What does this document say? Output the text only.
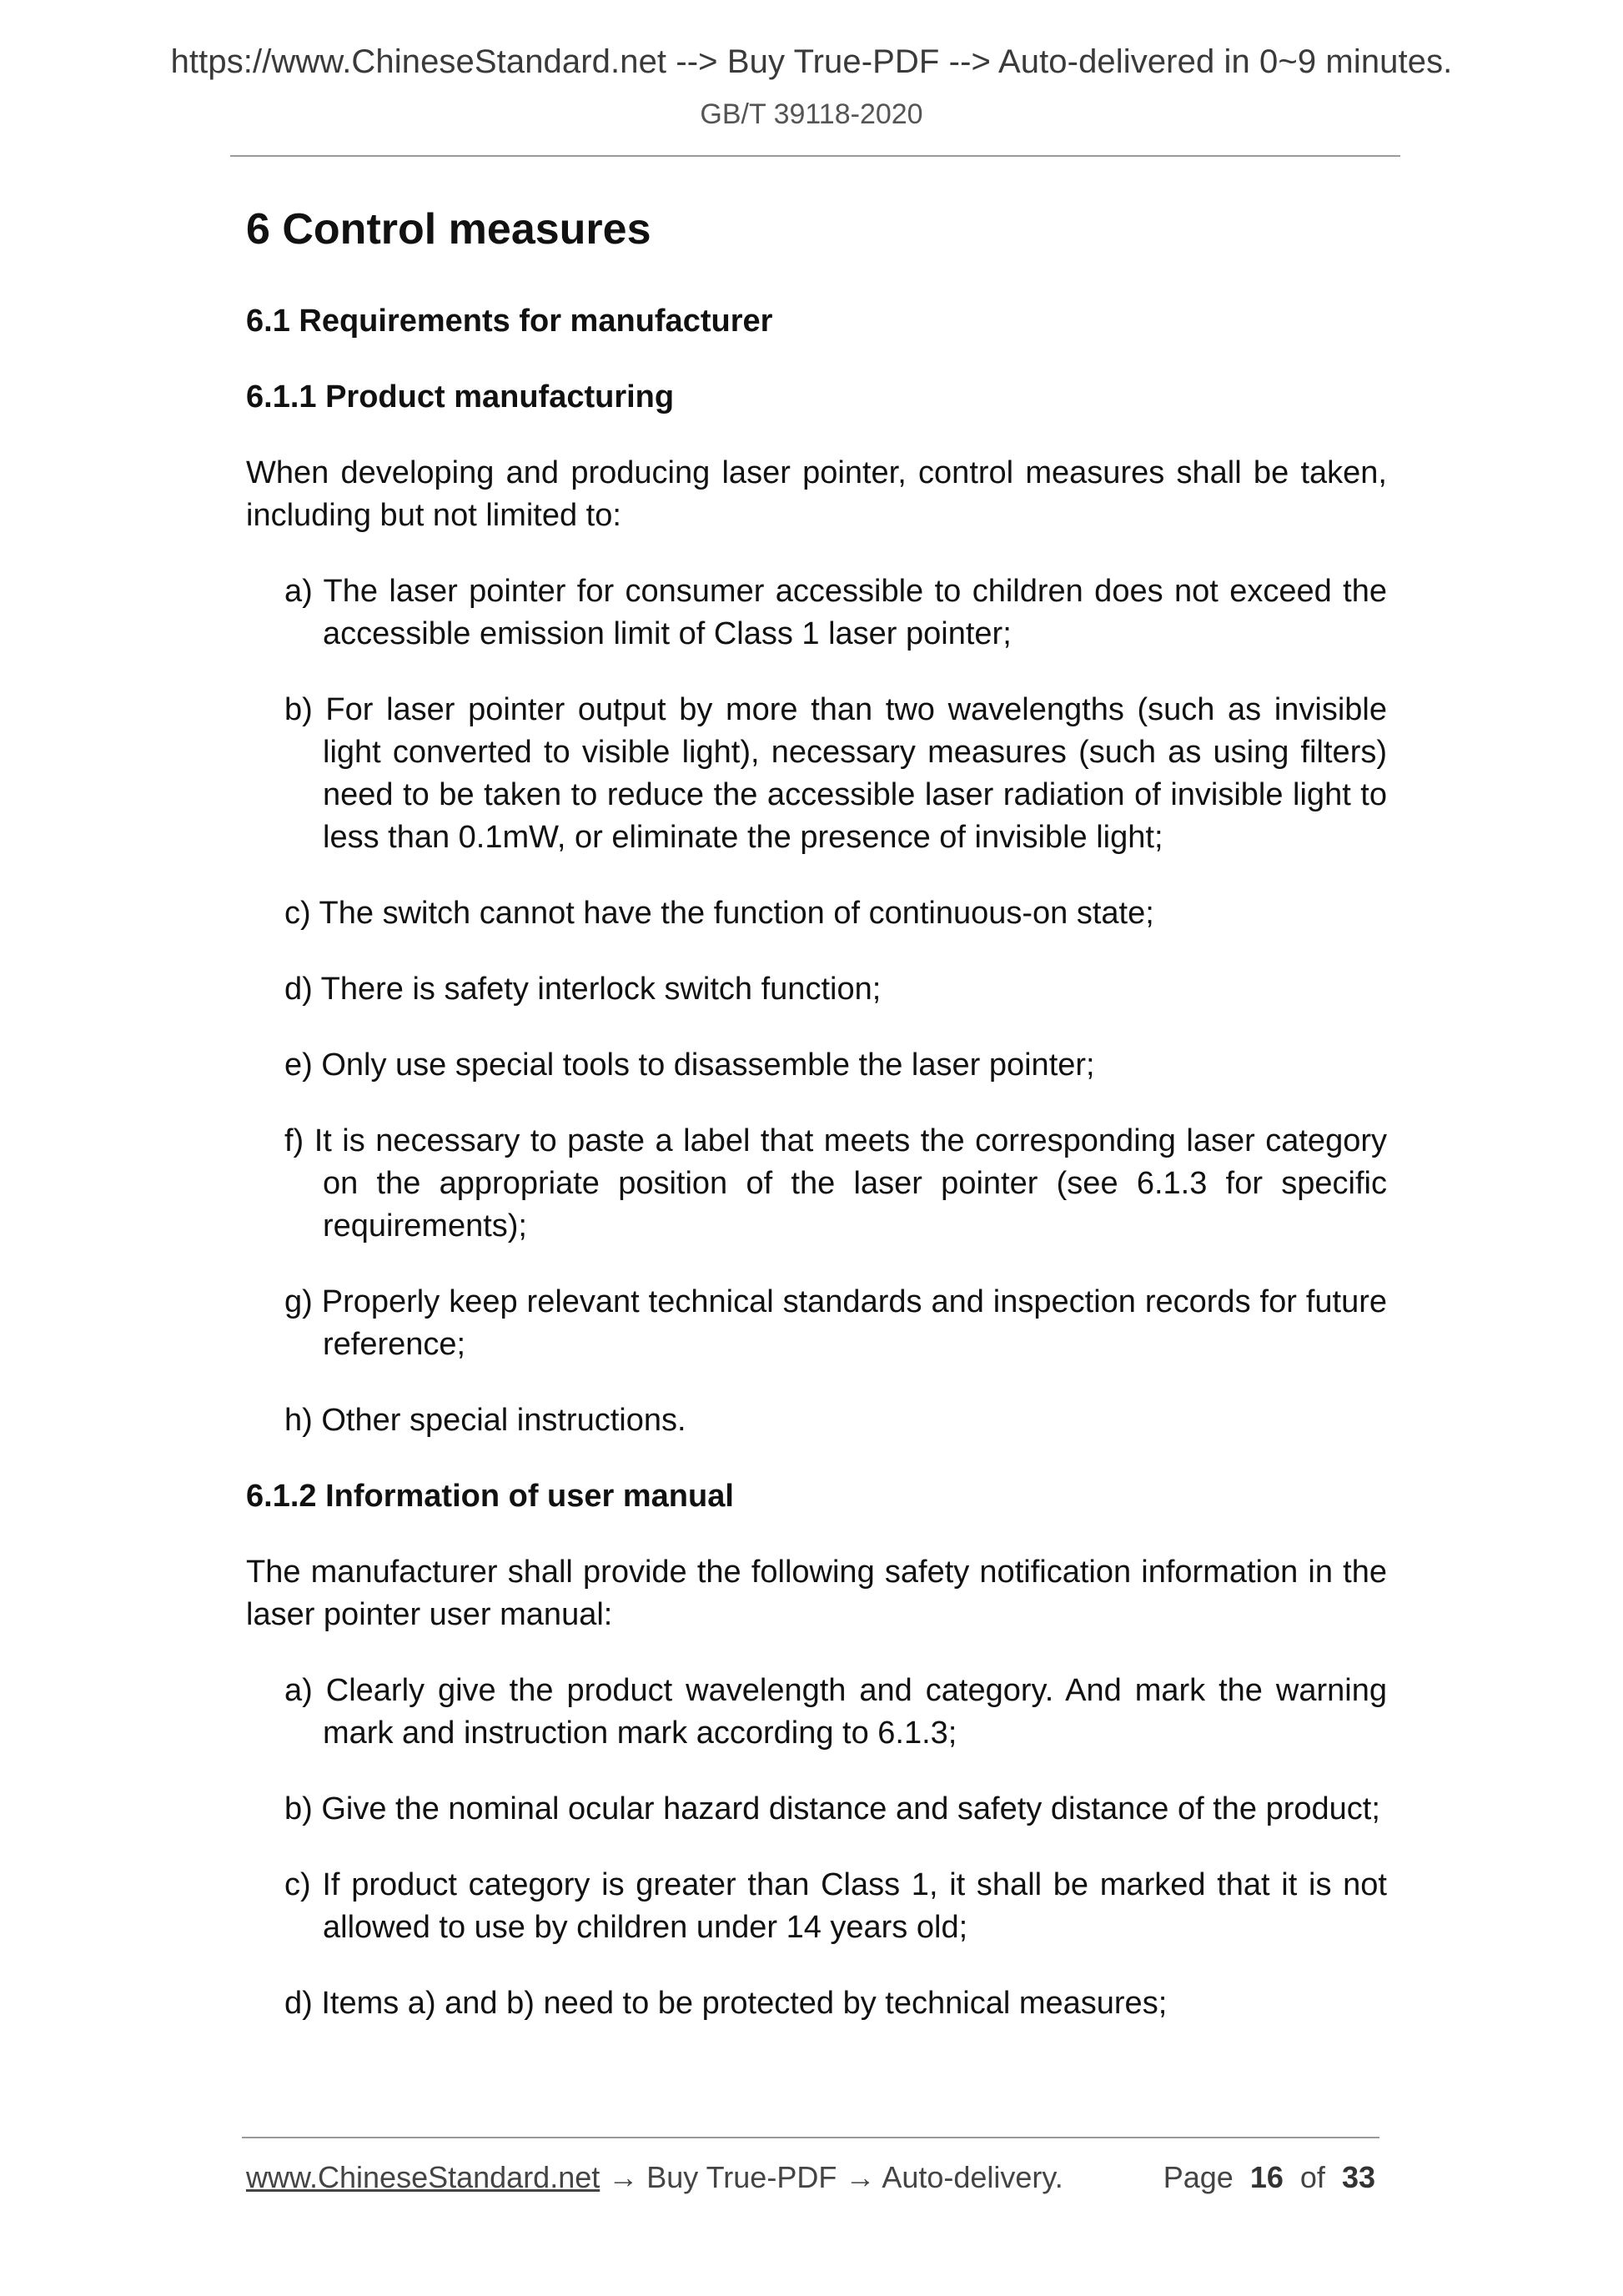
https://www.ChineseStandard.net --> Buy True-PDF --> Auto-delivered in 0~9 minutes.
GB/T 39118-2020

6 Control measures

6.1 Requirements for manufacturer

6.1.1 Product manufacturing

When developing and producing laser pointer, control measures shall be taken, including but not limited to:

a) The laser pointer for consumer accessible to children does not exceed the accessible emission limit of Class 1 laser pointer;

b) For laser pointer output by more than two wavelengths (such as invisible light converted to visible light), necessary measures (such as using filters) need to be taken to reduce the accessible laser radiation of invisible light to less than 0.1mW, or eliminate the presence of invisible light;

c) The switch cannot have the function of continuous-on state;

d) There is safety interlock switch function;

e) Only use special tools to disassemble the laser pointer;

f) It is necessary to paste a label that meets the corresponding laser category on the appropriate position of the laser pointer (see 6.1.3 for specific requirements);

g) Properly keep relevant technical standards and inspection records for future reference;

h) Other special instructions.

6.1.2 Information of user manual

The manufacturer shall provide the following safety notification information in the laser pointer user manual:

a) Clearly give the product wavelength and category. And mark the warning mark and instruction mark according to 6.1.3;

b) Give the nominal ocular hazard distance and safety distance of the product;

c) If product category is greater than Class 1, it shall be marked that it is not allowed to use by children under 14 years old;

d) Items a) and b) need to be protected by technical measures;

www.ChineseStandard.net → Buy True-PDF → Auto-delivery.	Page 16 of 33
